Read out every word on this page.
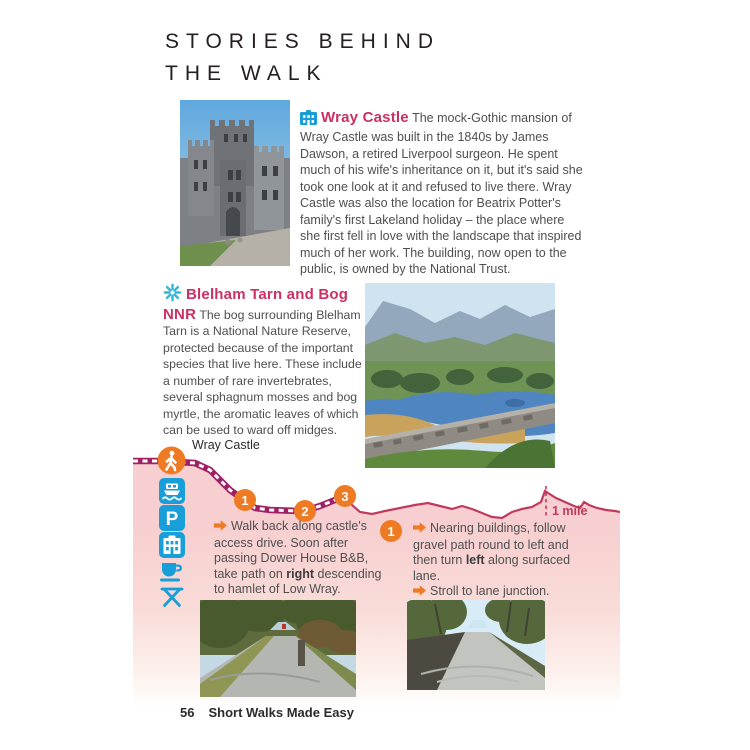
STORIES BEHIND
THE WALK

Wray Castle The mock-Gothic mansion of Wray Castle was built in the 1840s by James Dawson, a retired Liverpool surgeon. He spent much of his wife's inheritance on it, but it's said she took one look at it and refused to live there. Wray Castle was also the location for Beatrix Potter's family's first Lakeland holiday – the place where she first fell in love with the landscape that inspired much of her work. The building, now open to the public, is owned by the National Trust.

Blelham Tarn and Bog NNR The bog surrounding Blelham Tarn is a National Nature Reserve, protected because of the important species that live here. These include a number of rare invertebrates, several sphagnum mosses and bog myrtle, the aromatic leaves of which can be used to ward off midges.

Wray Castle
1 mile
1
2
3
P	Walk back along castle's access drive. Soon after passing Dower House B&B, take path on right descending to hamlet of Low Wray.

1	Nearing buildings, follow gravel path round to left and then turn left along surfaced lane.

Stroll to lane junction.

56 Short Walks Made Easy
